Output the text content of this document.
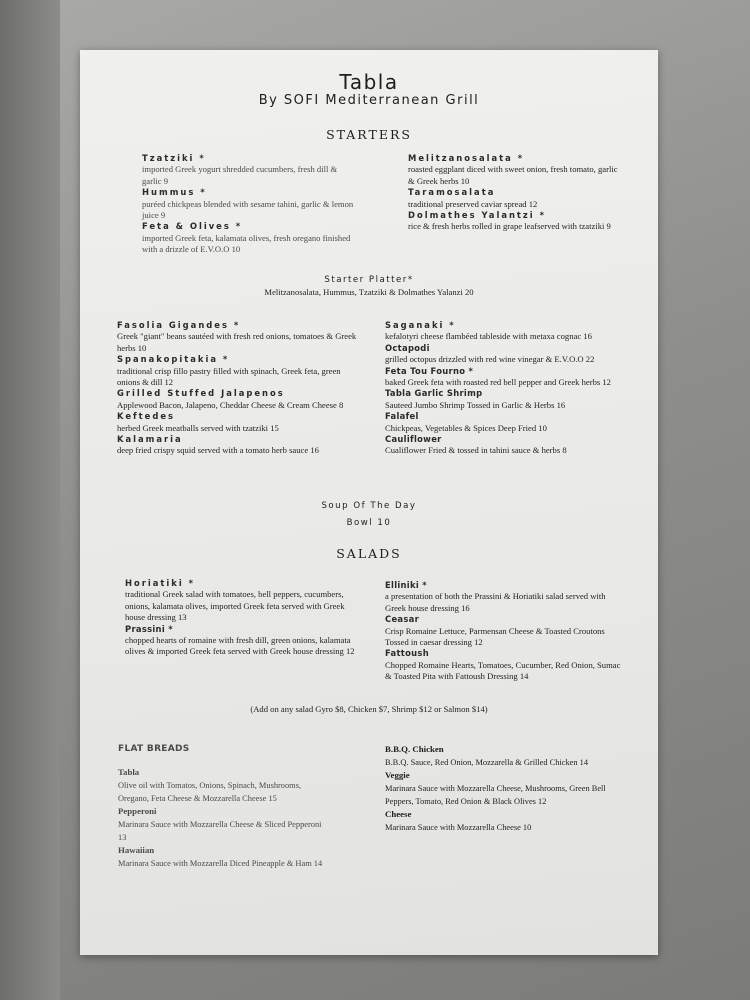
Tabla
By SOFI Mediterranean Grill
STARTERS
Tzatziki *

imported Greek yogurt shredded cucumbers, fresh dill & garlic 9

Hummus *

puréed chickpeas blended with sesame tahini, garlic & lemon juice 9

Feta & Olives *

imported Greek feta, kalamata olives, fresh oregano finished with a drizzle of E.V.O.O 10

Melitzanosalata *

roasted eggplant diced with sweet onion, fresh tomato, garlic & Greek herbs 10

Taramosalata

traditional preserved caviar spread 12

Dolmathes Yalantzi *

rice & fresh herbs rolled in grape leafserved with tzatziki 9

Starter Platter*
Melitzanosalata, Hummus, Tzatziki & Dolmathes Yalanzi 20
Fasolia Gigandes *

Greek "giant" beans sautéed with fresh red onions, tomatoes & Greek herbs 10

Spanakopitakia *

traditional crisp fillo pastry filled with spinach, Greek feta, green onions & dill 12

Grilled Stuffed Jalapenos

Applewood Bacon, Jalapeno, Cheddar Cheese & Cream Cheese 8

Keftedes

herbed Greek meatballs served with tzatziki 15

Kalamaria

deep fried crispy squid served with a tomato herb sauce 16

Saganaki *

kefalotyri cheese flambéed tableside with metaxa cognac 16

Octapodi

grilled octopus drizzled with red wine vinegar & E.V.O.O 22

Feta Tou Fourno *

baked Greek feta with roasted red bell pepper and Greek herbs 12

Tabla Garlic Shrimp

Sauteed Jumbo Shrimp Tossed in Garlic & Herbs 16

Falafel

Chickpeas, Vegetables & Spices Deep Fried 10

Cauliflower

Cualiflower Fried & tossed in tahini sauce & herbs 8

Soup Of The Day
Bowl 10
SALADS
Horiatiki *

traditional Greek salad with tomatoes, bell peppers, cucumbers, onions, kalamata olives, imported Greek feta served with Greek house dressing 13

Prassini *

chopped hearts of romaine with fresh dill, green onions, kalamata olives & imported Greek feta served with Greek house dressing 12

Elliniki *

a presentation of both the Prassini & Horiatiki salad served with Greek house dressing 16

Ceasar

Crisp Romaine Lettuce, Parmensan Cheese & Toasted Croutons Tossed in caesar dressing 12

Fattoush

Chopped Romaine Hearts, Tomatoes, Cucumber, Red Onion, Sumac & Toasted Pita with Fattoush Dressing 14

(Add on any salad Gyro $8, Chicken $7, Shrimp $12 or Salmon $14)
FLAT BREADS
Tabla

Olive oil with Tomatos, Onions, Spinach, Mushrooms, Oregano, Feta Cheese & Mozzarella Cheese 15

Pepperoni

Marinara Sauce with Mozzarella Cheese & Sliced Pepperoni 13

Hawaiian

Marinara Sauce with Mozzarella Diced Pineapple & Ham 14

B.B.Q. Chicken

B.B.Q. Sauce, Red Onion, Mozzarella & Grilled Chicken 14

Veggie

Marinara Sauce with Mozzarella Cheese, Mushrooms, Green Bell Peppers, Tomato, Red Onion & Black Olives 12

Cheese

Marinara Sauce with Mozzarella Cheese 10
